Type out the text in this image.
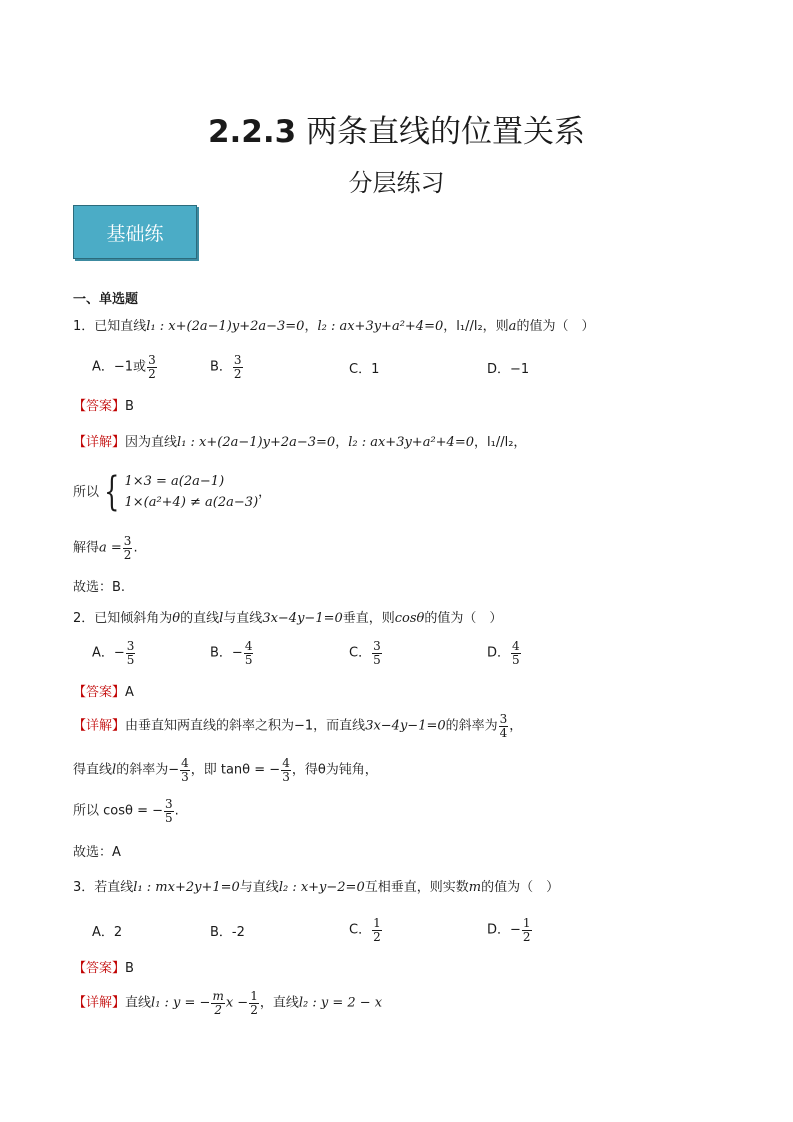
2.2.3 两条直线的位置关系
分层练习
基础练
一、单选题
1．已知直线l₁ : x+(2a−1)y+2a−3=0，l₂ : ax+3y+a²+4=0，l₁//l₂，则a的值为（　）
A．−1或 $\frac{3}{2}$	B． $\frac{3}{2}$	C．1	D．−1
【答案】B
【详解】因为直线l₁ : x+(2a−1)y+2a−3=0，l₂ : ax+3y+a²+4=0，l₁//l₂，
所以 { 1×3 = a(2a−1)
1×(a²+4) ≠ a(2a−3)
，
解得$a = \frac{3}{2}$ .
故选：B.
2．已知倾斜角为θ的直线l与直线3x−4y−1=0垂直，则cosθ的值为（　）
A．− $\frac{3}{5}$	B．− $\frac{4}{5}$	C． $\frac{3}{5}$	D． $\frac{4}{5}$
【答案】A
【详解】由垂直知两直线的斜率之积为−1，而直线3x−4y−1=0的斜率为 $\frac{3}{4}$ ，
得直线l的斜率为− $\frac{4}{3}$ ，即 tanθ = − $\frac{4}{3}$ ，得θ为钝角，
所以 cosθ = − $\frac{3}{5}$ .
故选：A
3．若直线l₁ : mx+2y+1=0与直线l₂ : x+y−2=0互相垂直，则实数m的值为（　）
A．2	B．-2	C． $\frac{1}{2}$	D．− $\frac{1}{2}$
【答案】B
【详解】直线l₁ : y = − $\frac{m}{2}$ $x - \frac{1}{2}$ ，直线l₂ : y = 2 − x
